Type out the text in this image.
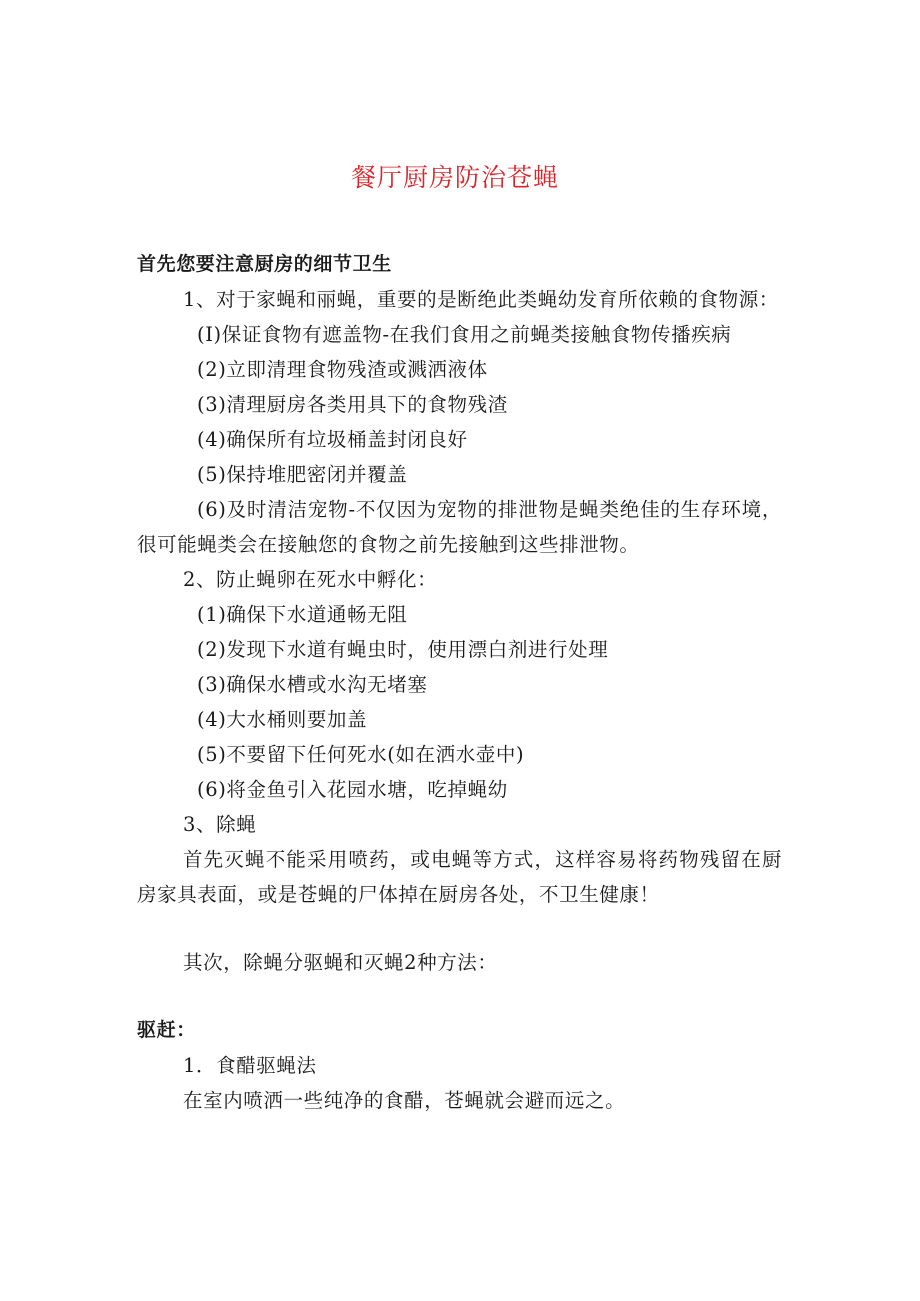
餐厅厨房防治苍蝇

首先您要注意厨房的细节卫生

1、对于家蝇和丽蝇，重要的是断绝此类蝇幼发育所依赖的食物源：

(I)保证食物有遮盖物-在我们食用之前蝇类接触食物传播疾病

(2)立即清理食物残渣或溅洒液体

(3)清理厨房各类用具下的食物残渣

(4)确保所有垃圾桶盖封闭良好

(5)保持堆肥密闭并覆盖

(6)及时清洁宠物-不仅因为宠物的排泄物是蝇类绝佳的生存环境，很可能蝇类会在接触您的食物之前先接触到这些排泄物。

2、防止蝇卵在死水中孵化：

(1)确保下水道通畅无阻

(2)发现下水道有蝇虫时，使用漂白剂进行处理

(3)确保水槽或水沟无堵塞

(4)大水桶则要加盖

(5)不要留下任何死水(如在洒水壶中)

(6)将金鱼引入花园水塘，吃掉蝇幼

3、除蝇

首先灭蝇不能采用喷药，或电蝇等方式，这样容易将药物残留在厨房家具表面，或是苍蝇的尸体掉在厨房各处，不卫生健康！

其次，除蝇分驱蝇和灭蝇2种方法：

驱赶：

1．食醋驱蝇法

在室内喷洒一些纯净的食醋，苍蝇就会避而远之。
